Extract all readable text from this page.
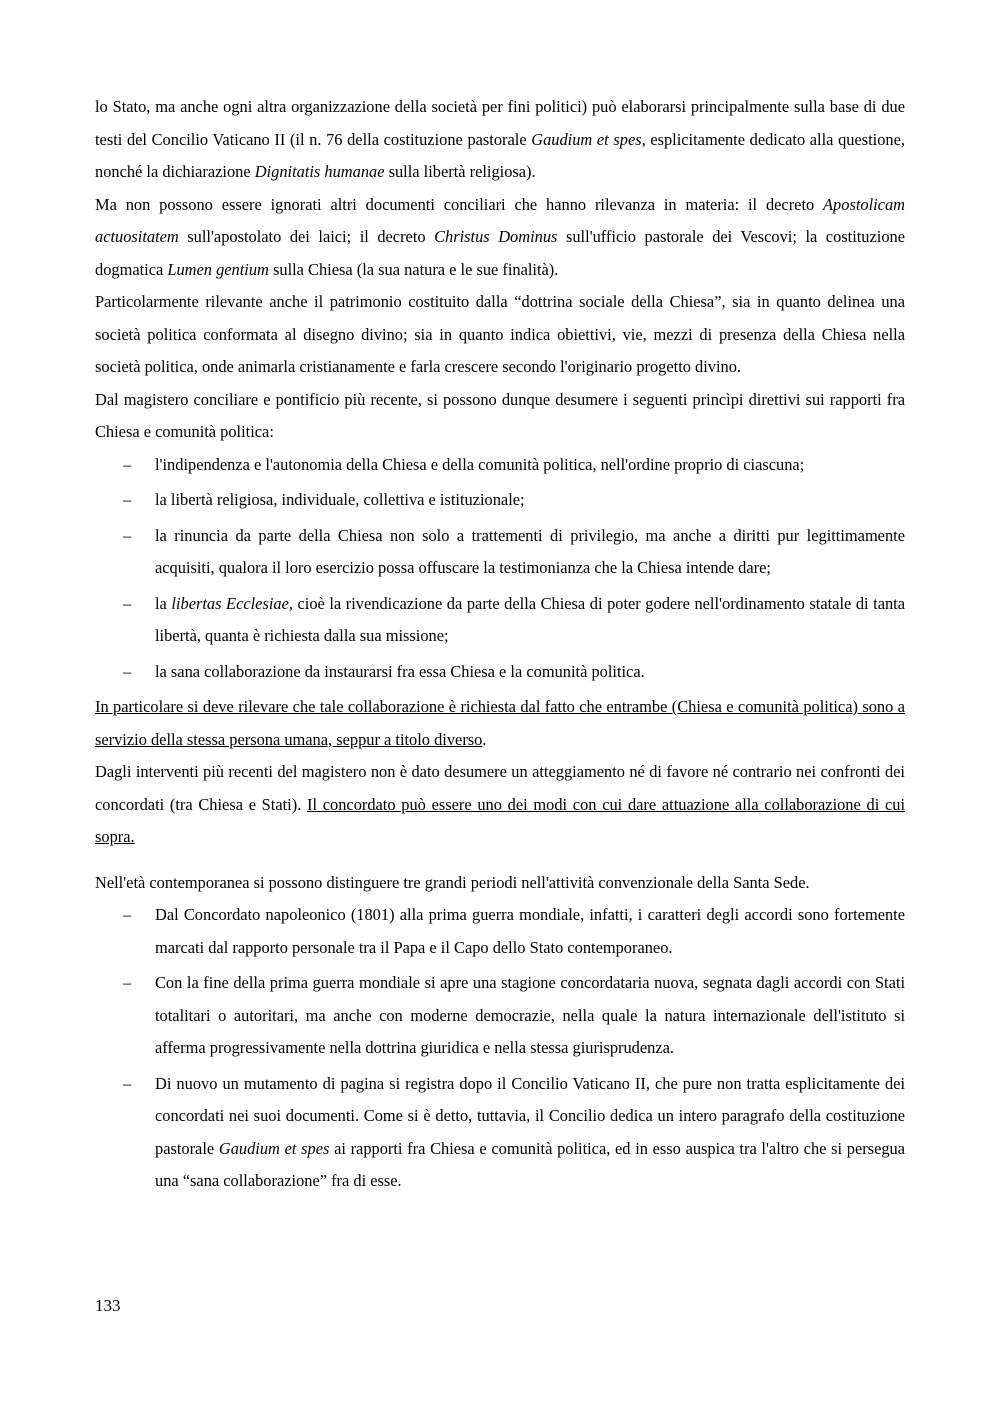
lo Stato, ma anche ogni altra organizzazione della società per fini politici) può elaborarsi principalmente sulla base di due testi del Concilio Vaticano II (il n. 76 della costituzione pastorale Gaudium et spes, esplicitamente dedicato alla questione, nonché la dichiarazione Dignitatis humanae sulla libertà religiosa).

Ma non possono essere ignorati altri documenti conciliari che hanno rilevanza in materia: il decreto Apostolicam actuositatem sull'apostolato dei laici; il decreto Christus Dominus sull'ufficio pastorale dei Vescovi; la costituzione dogmatica Lumen gentium sulla Chiesa (la sua natura e le sue finalità).

Particolarmente rilevante anche il patrimonio costituito dalla “dottrina sociale della Chiesa”, sia in quanto delinea una società politica conformata al disegno divino; sia in quanto indica obiettivi, vie, mezzi di presenza della Chiesa nella società politica, onde animarla cristianamente e farla crescere secondo l'originario progetto divino.

Dal magistero conciliare e pontificio più recente, si possono dunque desumere i seguenti princìpi direttivi sui rapporti fra Chiesa e comunità politica:

– l'indipendenza e l'autonomia della Chiesa e della comunità politica, nell'ordine proprio di ciascuna;
– la libertà religiosa, individuale, collettiva e istituzionale;
– la rinuncia da parte della Chiesa non solo a trattementi di privilegio, ma anche a diritti pur legittimamente acquisiti, qualora il loro esercizio possa offuscare la testimonianza che la Chiesa intende dare;
– la libertas Ecclesiae, cioè la rivendicazione da parte della Chiesa di poter godere nell'ordinamento statale di tanta libertà, quanta è richiesta dalla sua missione;
– la sana collaborazione da instaurarsi fra essa Chiesa e la comunità politica.

In particolare si deve rilevare che tale collaborazione è richiesta dal fatto che entrambe (Chiesa e comunità politica) sono a servizio della stessa persona umana, seppur a titolo diverso.

Dagli interventi più recenti del magistero non è dato desumere un atteggiamento né di favore né contrario nei confronti dei concordati (tra Chiesa e Stati). Il concordato può essere uno dei modi con cui dare attuazione alla collaborazione di cui sopra.

Nell'età contemporanea si possono distinguere tre grandi periodi nell'attività convenzionale della Santa Sede.

– Dal Concordato napoleonico (1801) alla prima guerra mondiale, infatti, i caratteri degli accordi sono fortemente marcati dal rapporto personale tra il Papa e il Capo dello Stato contemporaneo.
– Con la fine della prima guerra mondiale si apre una stagione concordataria nuova, segnata dagli accordi con Stati totalitari o autoritari, ma anche con moderne democrazie, nella quale la natura internazionale dell'istituto si afferma progressivamente nella dottrina giuridica e nella stessa giurisprudenza.
– Di nuovo un mutamento di pagina si registra dopo il Concilio Vaticano II, che pure non tratta esplicitamente dei concordati nei suoi documenti. Come si è detto, tuttavia, il Concilio dedica un intero paragrafo della costituzione pastorale Gaudium et spes ai rapporti fra Chiesa e comunità politica, ed in esso auspica tra l'altro che si persegua una “sana collaborazione” fra di esse.
133
